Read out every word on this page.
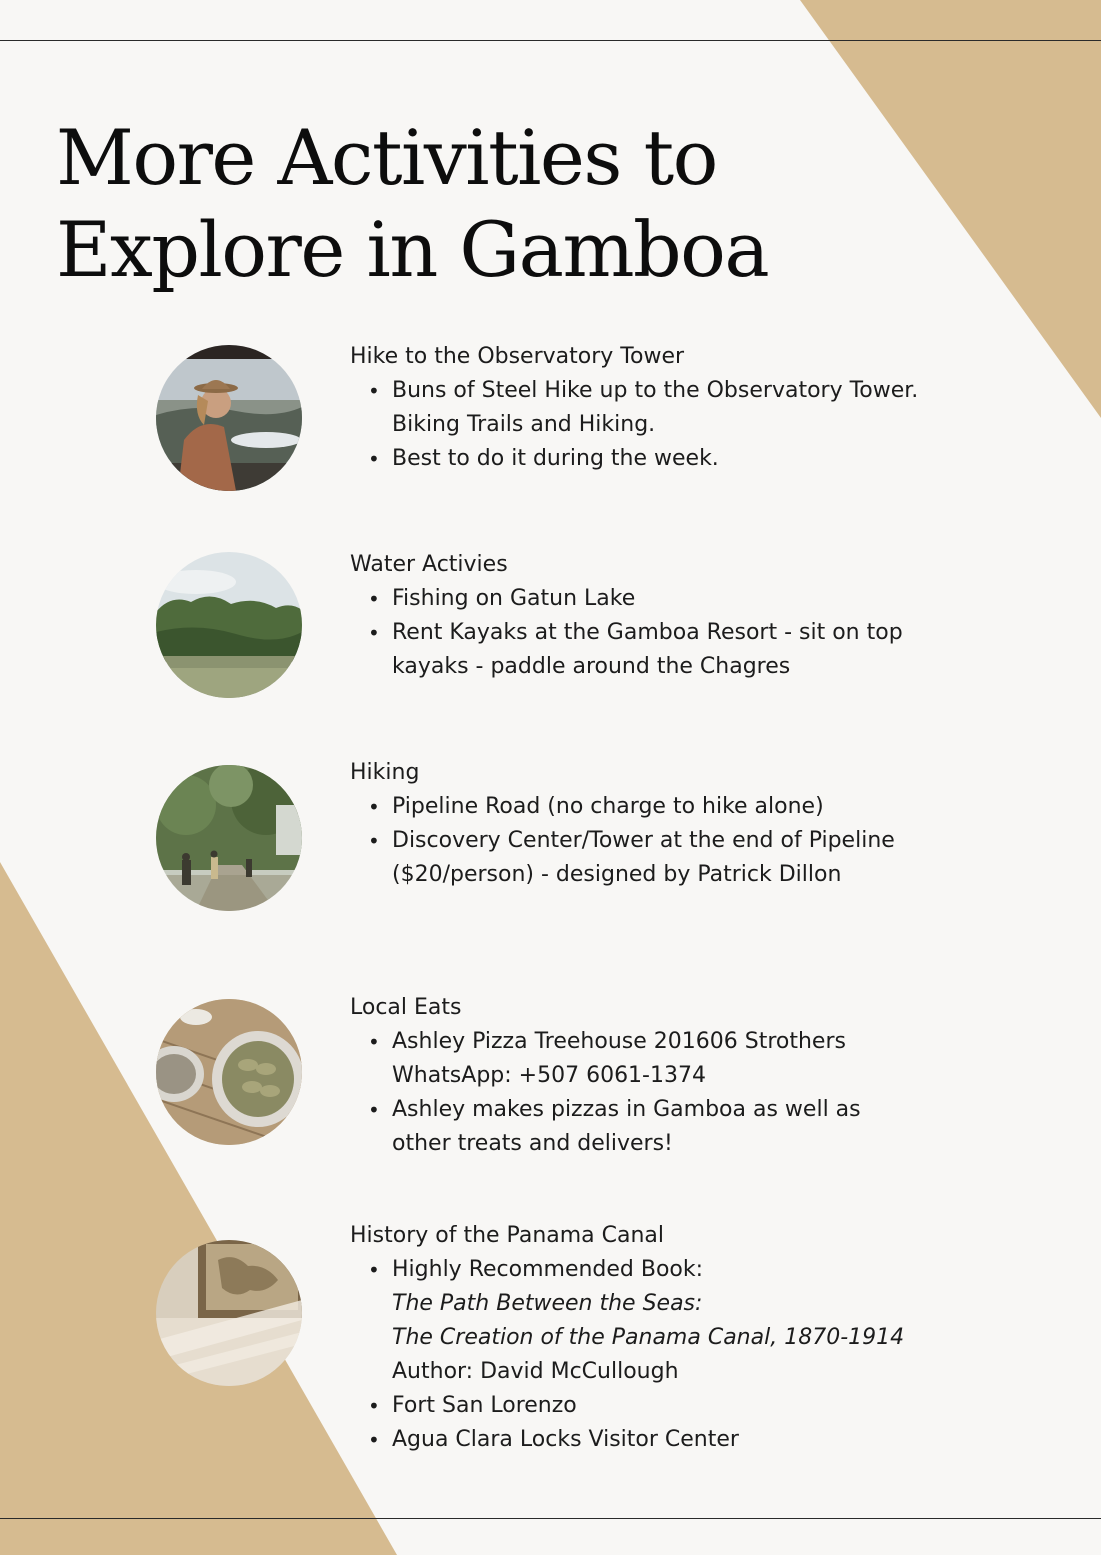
More Activities to
Explore in Gamboa

Hike to the Observatory Tower

• Buns of Steel Hike up to the Observatory Tower.
Biking Trails and Hiking.
• Best to do it during the week.

Water Activies

• Fishing on Gatun Lake
• Rent Kayaks at the Gamboa Resort - sit on top
kayaks - paddle around the Chagres

Hiking

• Pipeline Road (no charge to hike alone)
• Discovery Center/Tower at the end of Pipeline
($20/person) - designed by Patrick Dillon

Local Eats

• Ashley Pizza Treehouse 201606 Strothers
WhatsApp: +507 6061-1374
• Ashley makes pizzas in Gamboa as well as
other treats and delivers!

History of the Panama Canal

• Highly Recommended Book:
The Path Between the Seas:
The Creation of the Panama Canal, 1870-1914
Author: David McCullough
• Fort San Lorenzo
• Agua Clara Locks Visitor Center
